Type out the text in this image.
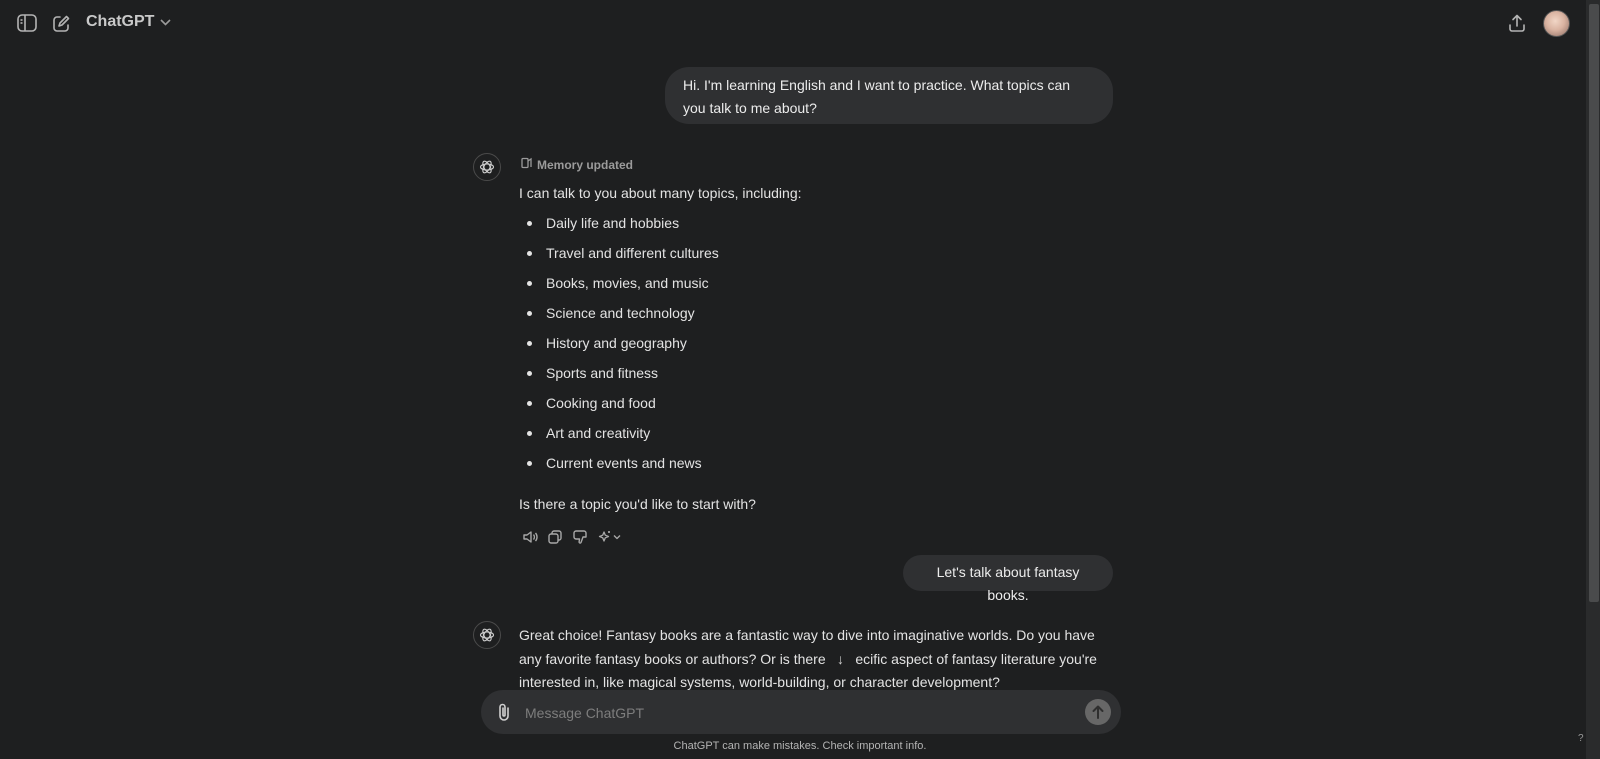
ChatGPT
Hi. I'm learning English and I want to practice. What topics can you talk to me about?
Memory updated
I can talk to you about many topics, including:
Daily life and hobbies
Travel and different cultures
Books, movies, and music
Science and technology
History and geography
Sports and fitness
Cooking and food
Art and creativity
Current events and news
Is there a topic you'd like to start with?
Let's talk about fantasy books.
Great choice! Fantasy books are a fantastic way to dive into imaginative worlds. Do you have any favorite fantasy books or authors? Or is there ↓ ecific aspect of fantasy literature you're interested in, like magical systems, world-building, or character development?
Message ChatGPT
ChatGPT can make mistakes. Check important info.
?
